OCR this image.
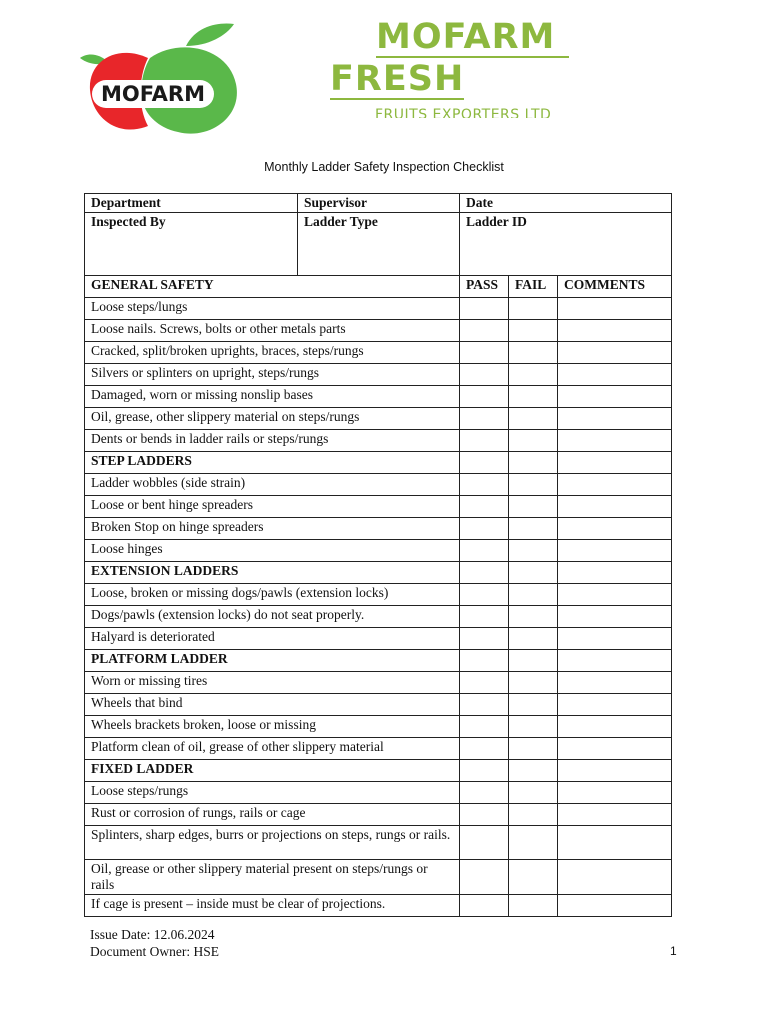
MOFARM
MOFARM
FRESH
FRUITS EXPORTERS LTD
Monthly Ladder Safety Inspection Checklist
Department	Supervisor	Date		
Inspected By	Ladder Type	Ladder ID		
GENERAL SAFETY		PASS	FAIL	COMMENTS
Loose steps/lungs				
Loose nails. Screws, bolts or other metals parts				
Cracked, split/broken uprights, braces, steps/rungs				
Silvers or splinters on upright, steps/rungs				
Damaged, worn or missing nonslip bases				
Oil, grease, other slippery material on steps/rungs				
Dents or bends in ladder rails or steps/rungs				
STEP LADDERS				
Ladder wobbles (side strain)				
Loose or bent hinge spreaders				
Broken Stop on hinge spreaders				
Loose hinges				
EXTENSION LADDERS				
Loose, broken or missing dogs/pawls (extension locks)				
Dogs/pawls (extension locks) do not seat properly.				
Halyard is deteriorated				
PLATFORM LADDER				
Worn or missing tires				
Wheels that bind				
Wheels brackets broken, loose or missing				
Platform clean of oil, grease of other slippery material				
FIXED LADDER				
Loose steps/rungs				
Rust or corrosion of rungs, rails or cage				
Splinters, sharp edges, burrs or projections on steps, rungs or rails.				
Oil, grease or other slippery material present on steps/rungs or rails				
If cage is present – inside must be clear of projections.				
Issue Date: 12.06.2024
Document Owner: HSE	1
